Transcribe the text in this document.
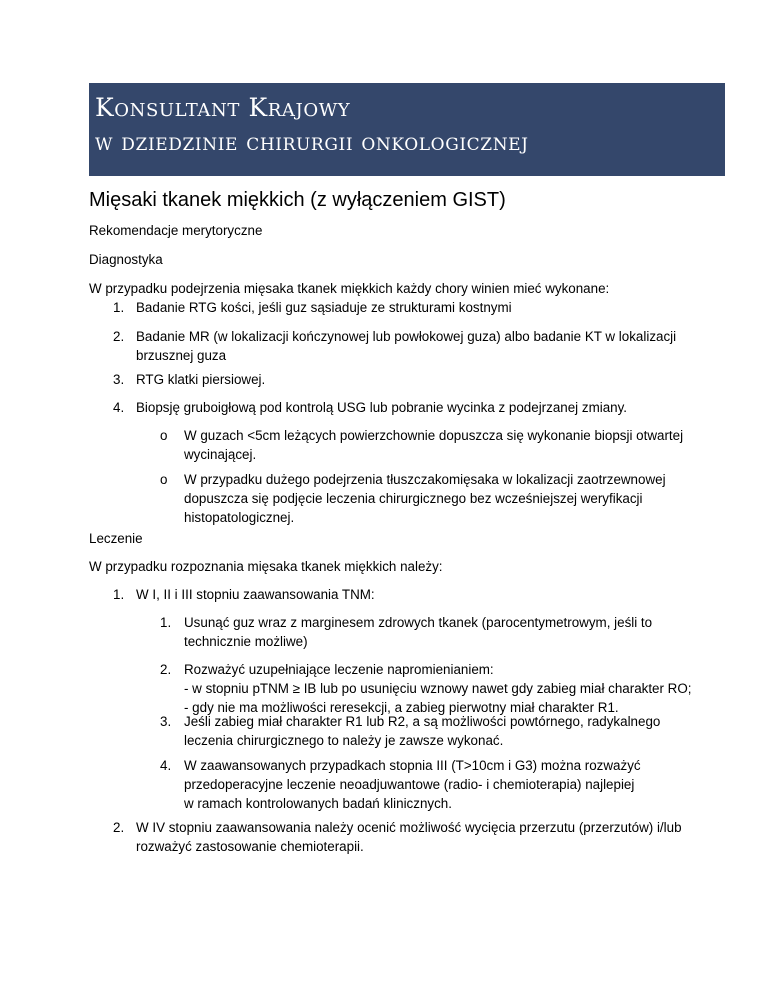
Konsultant Krajowy
w dziedzinie chirurgii onkologicznej
Mięsaki tkanek miękkich (z wyłączeniem GIST)

Rekomendacje merytoryczne

Diagnostyka

W przypadku podejrzenia mięsaka tkanek miękkich każdy chory winien mieć wykonane:

1. Badanie RTG kości, jeśli guz sąsiaduje ze strukturami kostnymi
2. Badanie MR (w lokalizacji kończynowej lub powłokowej guza) albo badanie KT w lokalizacji
brzusznej guza
3. RTG klatki piersiowej.
4. Biopsję gruboigłową pod kontrolą USG lub pobranie wycinka z podejrzanej zmiany.
o W guzach <5cm leżących powierzchownie dopuszcza się wykonanie biopsji otwartej
wycinającej.
o W przypadku dużego podejrzenia tłuszczakomięsaka w lokalizacji zaotrzewnowej
dopuszcza się podjęcie leczenia chirurgicznego bez wcześniejszej weryfikacji
histopatologicznej.

Leczenie

W przypadku rozpoznania mięsaka tkanek miękkich należy:

1. W I, II i III stopniu zaawansowania TNM:
1. Usunąć guz wraz z marginesem zdrowych tkanek (parocentymetrowym, jeśli to
technicznie możliwe)
2. Rozważyć uzupełniające leczenie napromienianiem:
- w stopniu pTNM ≥ IB lub po usunięciu wznowy nawet gdy zabieg miał charakter RO;
- gdy nie ma możliwości reresekcji, a zabieg pierwotny miał charakter R1.
3. Jeśli zabieg miał charakter R1 lub R2, a są możliwości powtórnego, radykalnego
leczenia chirurgicznego to należy je zawsze wykonać.
4. W zaawansowanych przypadkach stopnia III (T>10cm i G3) można rozważyć
przedoperacyjne leczenie neoadjuwantowe (radio- i chemioterapia) najlepiej
w ramach kontrolowanych badań klinicznych.
2. W IV stopniu zaawansowania należy ocenić możliwość wycięcia przerzutu (przerzutów) i/lub
rozważyć zastosowanie chemioterapii.
